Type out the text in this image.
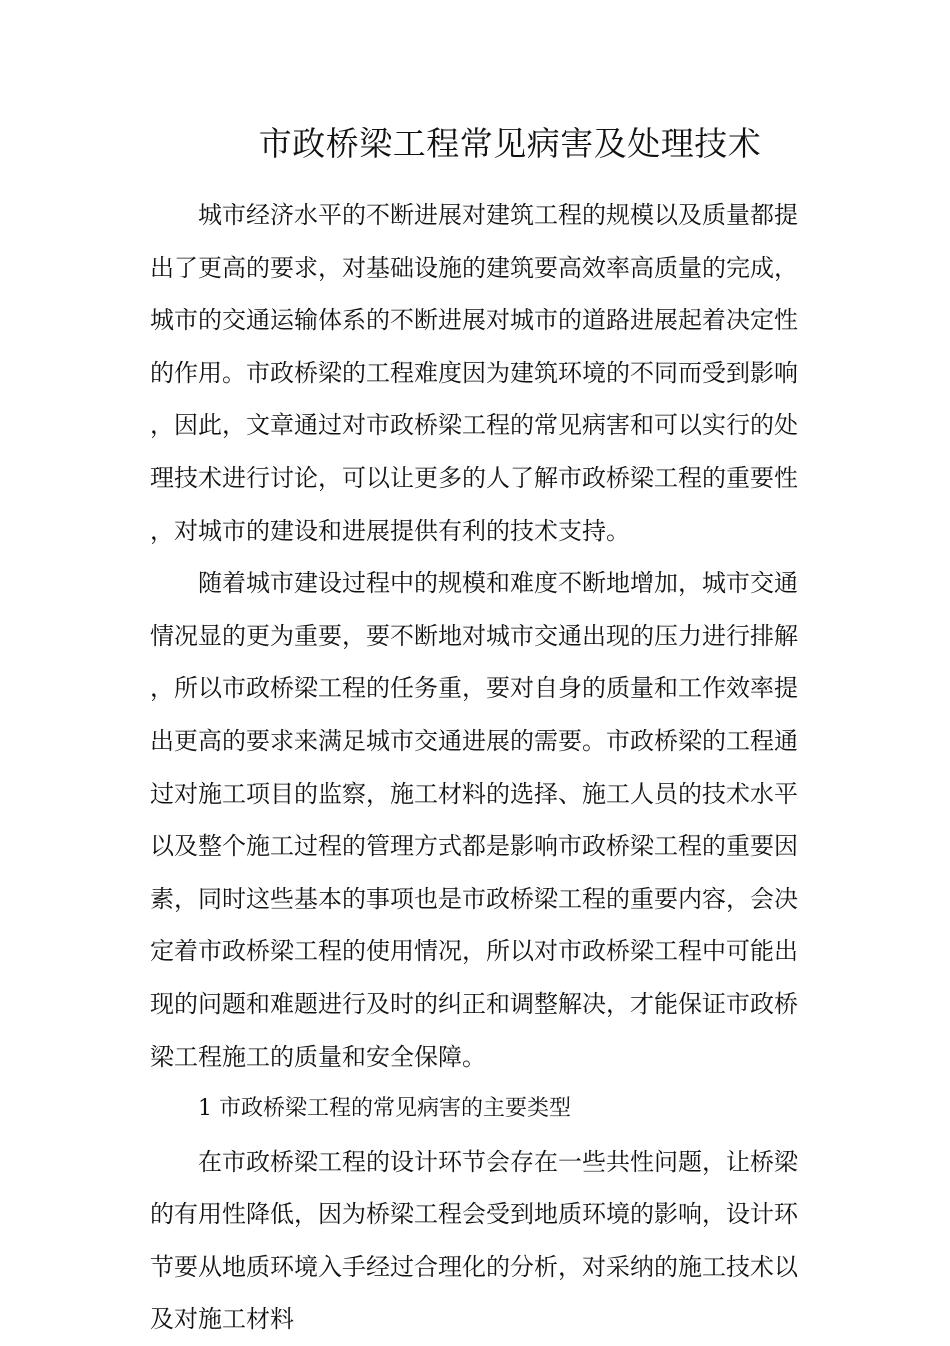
市政桥梁工程常见病害及处理技术

城市经济水平的不断进展对建筑工程的规模以及质量都提出了更高的要求，对基础设施的建筑要高效率高质量的完成，城市的交通运输体系的不断进展对城市的道路进展起着决定性的作用。市政桥梁的工程难度因为建筑环境的不同而受到影响，因此，文章通过对市政桥梁工程的常见病害和可以实行的处理技术进行讨论，可以让更多的人了解市政桥梁工程的重要性，对城市的建设和进展提供有利的技术支持。

随着城市建设过程中的规模和难度不断地增加，城市交通情况显的更为重要，要不断地对城市交通出现的压力进行排解，所以市政桥梁工程的任务重，要对自身的质量和工作效率提出更高的要求来满足城市交通进展的需要。市政桥梁的工程通过对施工项目的监察，施工材料的选择、施工人员的技术水平以及整个施工过程的管理方式都是影响市政桥梁工程的重要因素，同时这些基本的事项也是市政桥梁工程的重要内容，会决定着市政桥梁工程的使用情况，所以对市政桥梁工程中可能出现的问题和难题进行及时的纠正和调整解决，才能保证市政桥梁工程施工的质量和安全保障。

1 市政桥梁工程的常见病害的主要类型

在市政桥梁工程的设计环节会存在一些共性问题，让桥梁的有用性降低，因为桥梁工程会受到地质环境的影响，设计环节要从地质环境入手经过合理化的分析，对采纳的施工技术以及对施工材料
